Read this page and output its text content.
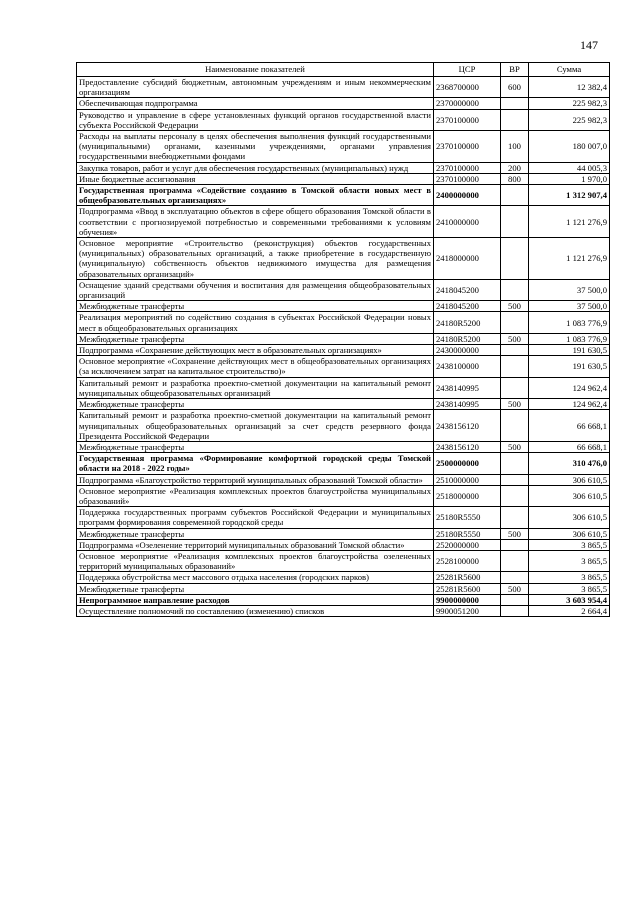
147
Наименование показателей	ЦСР	ВР	Сумма
Предоставление субсидий бюджетным, автономным учреждениям и иным некоммерческим организациям	2368700000	600	12 382,4
Обеспечивающая подпрограмма	2370000000		225 982,3
Руководство и управление в сфере установленных функций органов государственной власти субъекта Российской Федерации	2370100000		225 982,3
Расходы на выплаты персоналу в целях обеспечения выполнения функций государственными (муниципальными) органами, казенными учреждениями, органами управления государственными внебюджетными фондами	2370100000	100	180 007,0
Закупка товаров, работ и услуг для обеспечения государственных (муниципальных) нужд	2370100000	200	44 005,3
Иные бюджетные ассигнования	2370100000	800	1 970,0
Государственная программа «Содействие созданию в Томской области новых мест в общеобразовательных организациях»	2400000000		1 312 907,4
Подпрограмма «Ввод в эксплуатацию объектов в сфере общего образования Томской области в соответствии с прогнозируемой потребностью и современными требованиями к условиям обучения»	2410000000		1 121 276,9
Основное мероприятие «Строительство (реконструкция) объектов государственных (муниципальных) образовательных организаций, а также приобретение в государственную (муниципальную) собственность объектов недвижимого имущества для размещения образовательных организаций»	2418000000		1 121 276,9
Оснащение зданий средствами обучения и воспитания для размещения общеобразовательных организаций	2418045200		37 500,0
Межбюджетные трансферты	2418045200	500	37 500,0
Реализация мероприятий по содействию создания в субъектах Российской Федерации новых мест в общеобразовательных организациях	24180R5200		1 083 776,9
Межбюджетные трансферты	24180R5200	500	1 083 776,9
Подпрограмма «Сохранение действующих мест в образовательных организациях»	2430000000		191 630,5
Основное мероприятие «Сохранение действующих мест в общеобразовательных организациях (за исключением затрат на капитальное строительство)»	2438100000		191 630,5
Капитальный ремонт и разработка проектно-сметной документации на капитальный ремонт муниципальных общеобразовательных организаций	2438140995		124 962,4
Межбюджетные трансферты	2438140995	500	124 962,4
Капитальный ремонт и разработка проектно-сметной документации на капитальный ремонт муниципальных общеобразовательных организаций за счет средств резервного фонда Президента Российской Федерации	2438156120		66 668,1
Межбюджетные трансферты	2438156120	500	66 668,1
Государственная программа «Формирование комфортной городской среды Томской области на 2018 - 2022 годы»	2500000000		310 476,0
Подпрограмма «Благоустройство территорий муниципальных образований Томской области»	2510000000		306 610,5
Основное мероприятие «Реализация комплексных проектов благоустройства муниципальных образований»	2518000000		306 610,5
Поддержка государственных программ субъектов Российской Федерации и муниципальных программ формирования современной городской среды	25180R5550		306 610,5
Межбюджетные трансферты	25180R5550	500	306 610,5
Подпрограмма «Озеленение территорий муниципальных образований Томской области»	2520000000		3 865,5
Основное мероприятие «Реализация комплексных проектов благоустройства озелененных территорий муниципальных образований»	2528100000		3 865,5
Поддержка обустройства мест массового отдыха населения (городских парков)	25281R5600		3 865,5
Межбюджетные трансферты	25281R5600	500	3 865,5
Непрограммное направление расходов	9900000000		3 603 954,4
Осуществление полномочий по составлению (изменению) списков	9900051200		2 664,4
